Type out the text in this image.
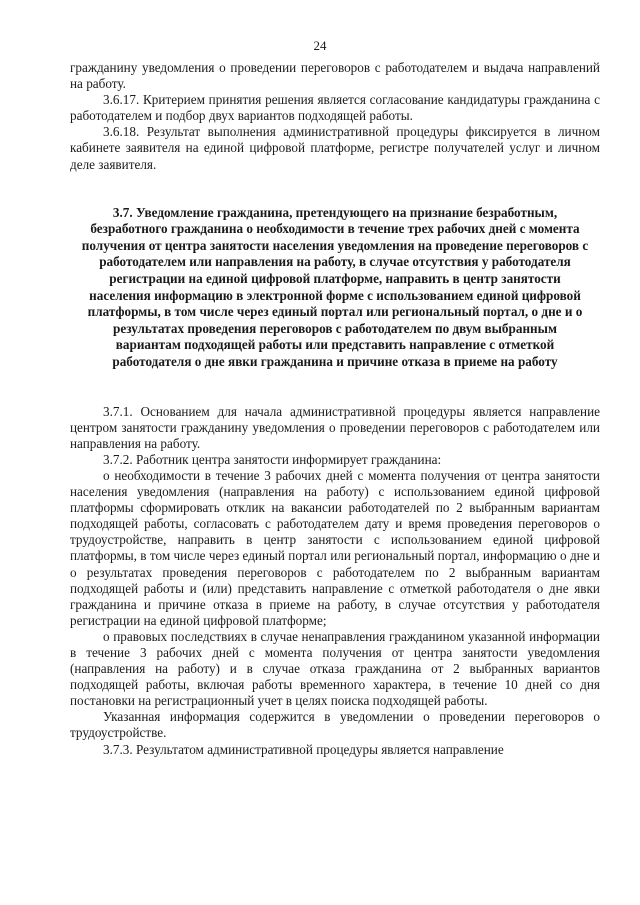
24

гражданину уведомления о проведении переговоров с работодателем и выдача направлений на работу.

3.6.17. Критерием принятия решения является согласование кандидатуры гражданина с работодателем и подбор двух вариантов подходящей работы.

3.6.18. Результат выполнения административной процедуры фиксируется в личном кабинете заявителя на единой цифровой платформе, регистре получателей услуг и личном деле заявителя.

3.7. Уведомление гражданина, претендующего на признание безработным, безработного гражданина о необходимости в течение трех рабочих дней с момента получения от центра занятости населения уведомления на проведение переговоров с работодателем или направления на работу, в случае отсутствия у работодателя регистрации на единой цифровой платформе, направить в центр занятости населения информацию в электронной форме с использованием единой цифровой платформы, в том числе через единый портал или региональный портал, о дне и о результатах проведения переговоров с работодателем по двум выбранным вариантам подходящей работы или представить направление с отметкой работодателя о дне явки гражданина и причине отказа в приеме на работу

3.7.1. Основанием для начала административной процедуры является направление центром занятости гражданину уведомления о проведении переговоров с работодателем или направления на работу.

3.7.2. Работник центра занятости информирует гражданина:

о необходимости в течение 3 рабочих дней с момента получения от центра занятости населения уведомления (направления на работу) с использованием единой цифровой платформы сформировать отклик на вакансии работодателей по 2 выбранным вариантам подходящей работы, согласовать с работодателем дату и время проведения переговоров о трудоустройстве, направить в центр занятости с использованием единой цифровой платформы, в том числе через единый портал или региональный портал, информацию о дне и о результатах проведения переговоров с работодателем по 2 выбранным вариантам подходящей работы и (или) представить направление с отметкой работодателя о дне явки гражданина и причине отказа в приеме на работу, в случае отсутствия у работодателя регистрации на единой цифровой платформе;

о правовых последствиях в случае ненаправления гражданином указанной информации в течение 3 рабочих дней с момента получения от центра занятости уведомления (направления на работу) и в случае отказа гражданина от 2 выбранных вариантов подходящей работы, включая работы временного характера, в течение 10 дней со дня постановки на регистрационный учет в целях поиска подходящей работы.

Указанная информация содержится в уведомлении о проведении переговоров о трудоустройстве.

3.7.3. Результатом административной процедуры является направление
